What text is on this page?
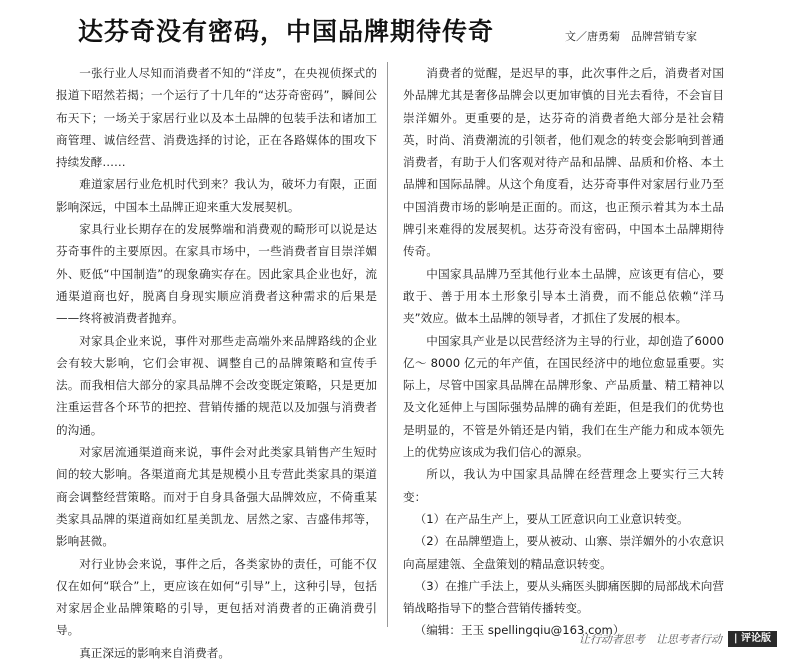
达芬奇没有密码，中国品牌期待传奇	文／唐勇菊　品牌营销专家

一张行业人尽知而消费者不知的“洋皮”，在央视侦探式的报道下昭然若揭；一个运行了十几年的“达芬奇密码”，瞬间公布天下；一场关于家居行业以及本土品牌的包装手法和诸加工商管理、诚信经营、消费选择的讨论，正在各路媒体的围攻下持续发酵……

难道家居行业危机时代到来？我认为，破坏力有限，正面影响深远，中国本土品牌正迎来重大发展契机。

家具行业长期存在的发展弊端和消费观的畸形可以说是达芬奇事件的主要原因。在家具市场中，一些消费者盲目崇洋媚外、贬低“中国制造”的现象确实存在。因此家具企业也好，流通渠道商也好，脱离自身现实顺应消费者这种需求的后果是——终将被消费者抛弃。

对家具企业来说，事件对那些走高端外来品牌路线的企业会有较大影响，它们会审视、调整自己的品牌策略和宣传手法。而我相信大部分的家具品牌不会改变既定策略，只是更加注重运营各个环节的把控、营销传播的规范以及加强与消费者的沟通。

对家居流通渠道商来说，事件会对此类家具销售产生短时间的较大影响。各渠道商尤其是规模小且专营此类家具的渠道商会调整经营策略。而对于自身具备强大品牌效应，不倚重某类家具品牌的渠道商如红星美凯龙、居然之家、吉盛伟邦等，影响甚微。

对行业协会来说，事件之后，各类家协的责任，可能不仅仅在如何“联合”上，更应该在如何“引导”上，这种引导，包括对家居企业品牌策略的引导，更包括对消费者的正确消费引导。

真正深远的影响来自消费者。

消费者的觉醒，是迟早的事，此次事件之后，消费者对国外品牌尤其是奢侈品牌会以更加审慎的目光去看待，不会盲目崇洋媚外。更重要的是，达芬奇的消费者绝大部分是社会精英，时尚、消费潮流的引领者，他们观念的转变会影响到普通消费者，有助于人们客观对待产品和品牌、品质和价格、本土品牌和国际品牌。从这个角度看，达芬奇事件对家居行业乃至中国消费市场的影响是正面的。而这，也正预示着其为本土品牌引来难得的发展契机。达芬奇没有密码，中国本土品牌期待传奇。

中国家具品牌乃至其他行业本土品牌，应该更有信心，要敢于、善于用本土形象引导本土消费，而不能总依赖“洋马夹”效应。做本土品牌的领导者，才抓住了发展的根本。

中国家具产业是以民营经济为主导的行业，却创造了6000 亿～ 8000 亿元的年产值，在国民经济中的地位愈显重要。实际上，尽管中国家具品牌在品牌形象、产品质量、精工精神以及文化延伸上与国际强势品牌的确有差距，但是我们的优势也是明显的，不管是外销还是内销，我们在生产能力和成本领先上的优势应该成为我们信心的源泉。

所以，我认为中国家具品牌在经营理念上要实行三大转变：

（1）在产品生产上，要从工匠意识向工业意识转变。

（2）在品牌塑造上，要从被动、山寨、崇洋媚外的小农意识向高屋建瓴、全盘策划的精品意识转变。

（3）在推广手法上，要从头痛医头脚痛医脚的局部战术向营销战略指导下的整合营销传播转变。

（编辑：王玉 spellingqiu@163.com）

让行动者思考　让思考者行动	| 评论版
